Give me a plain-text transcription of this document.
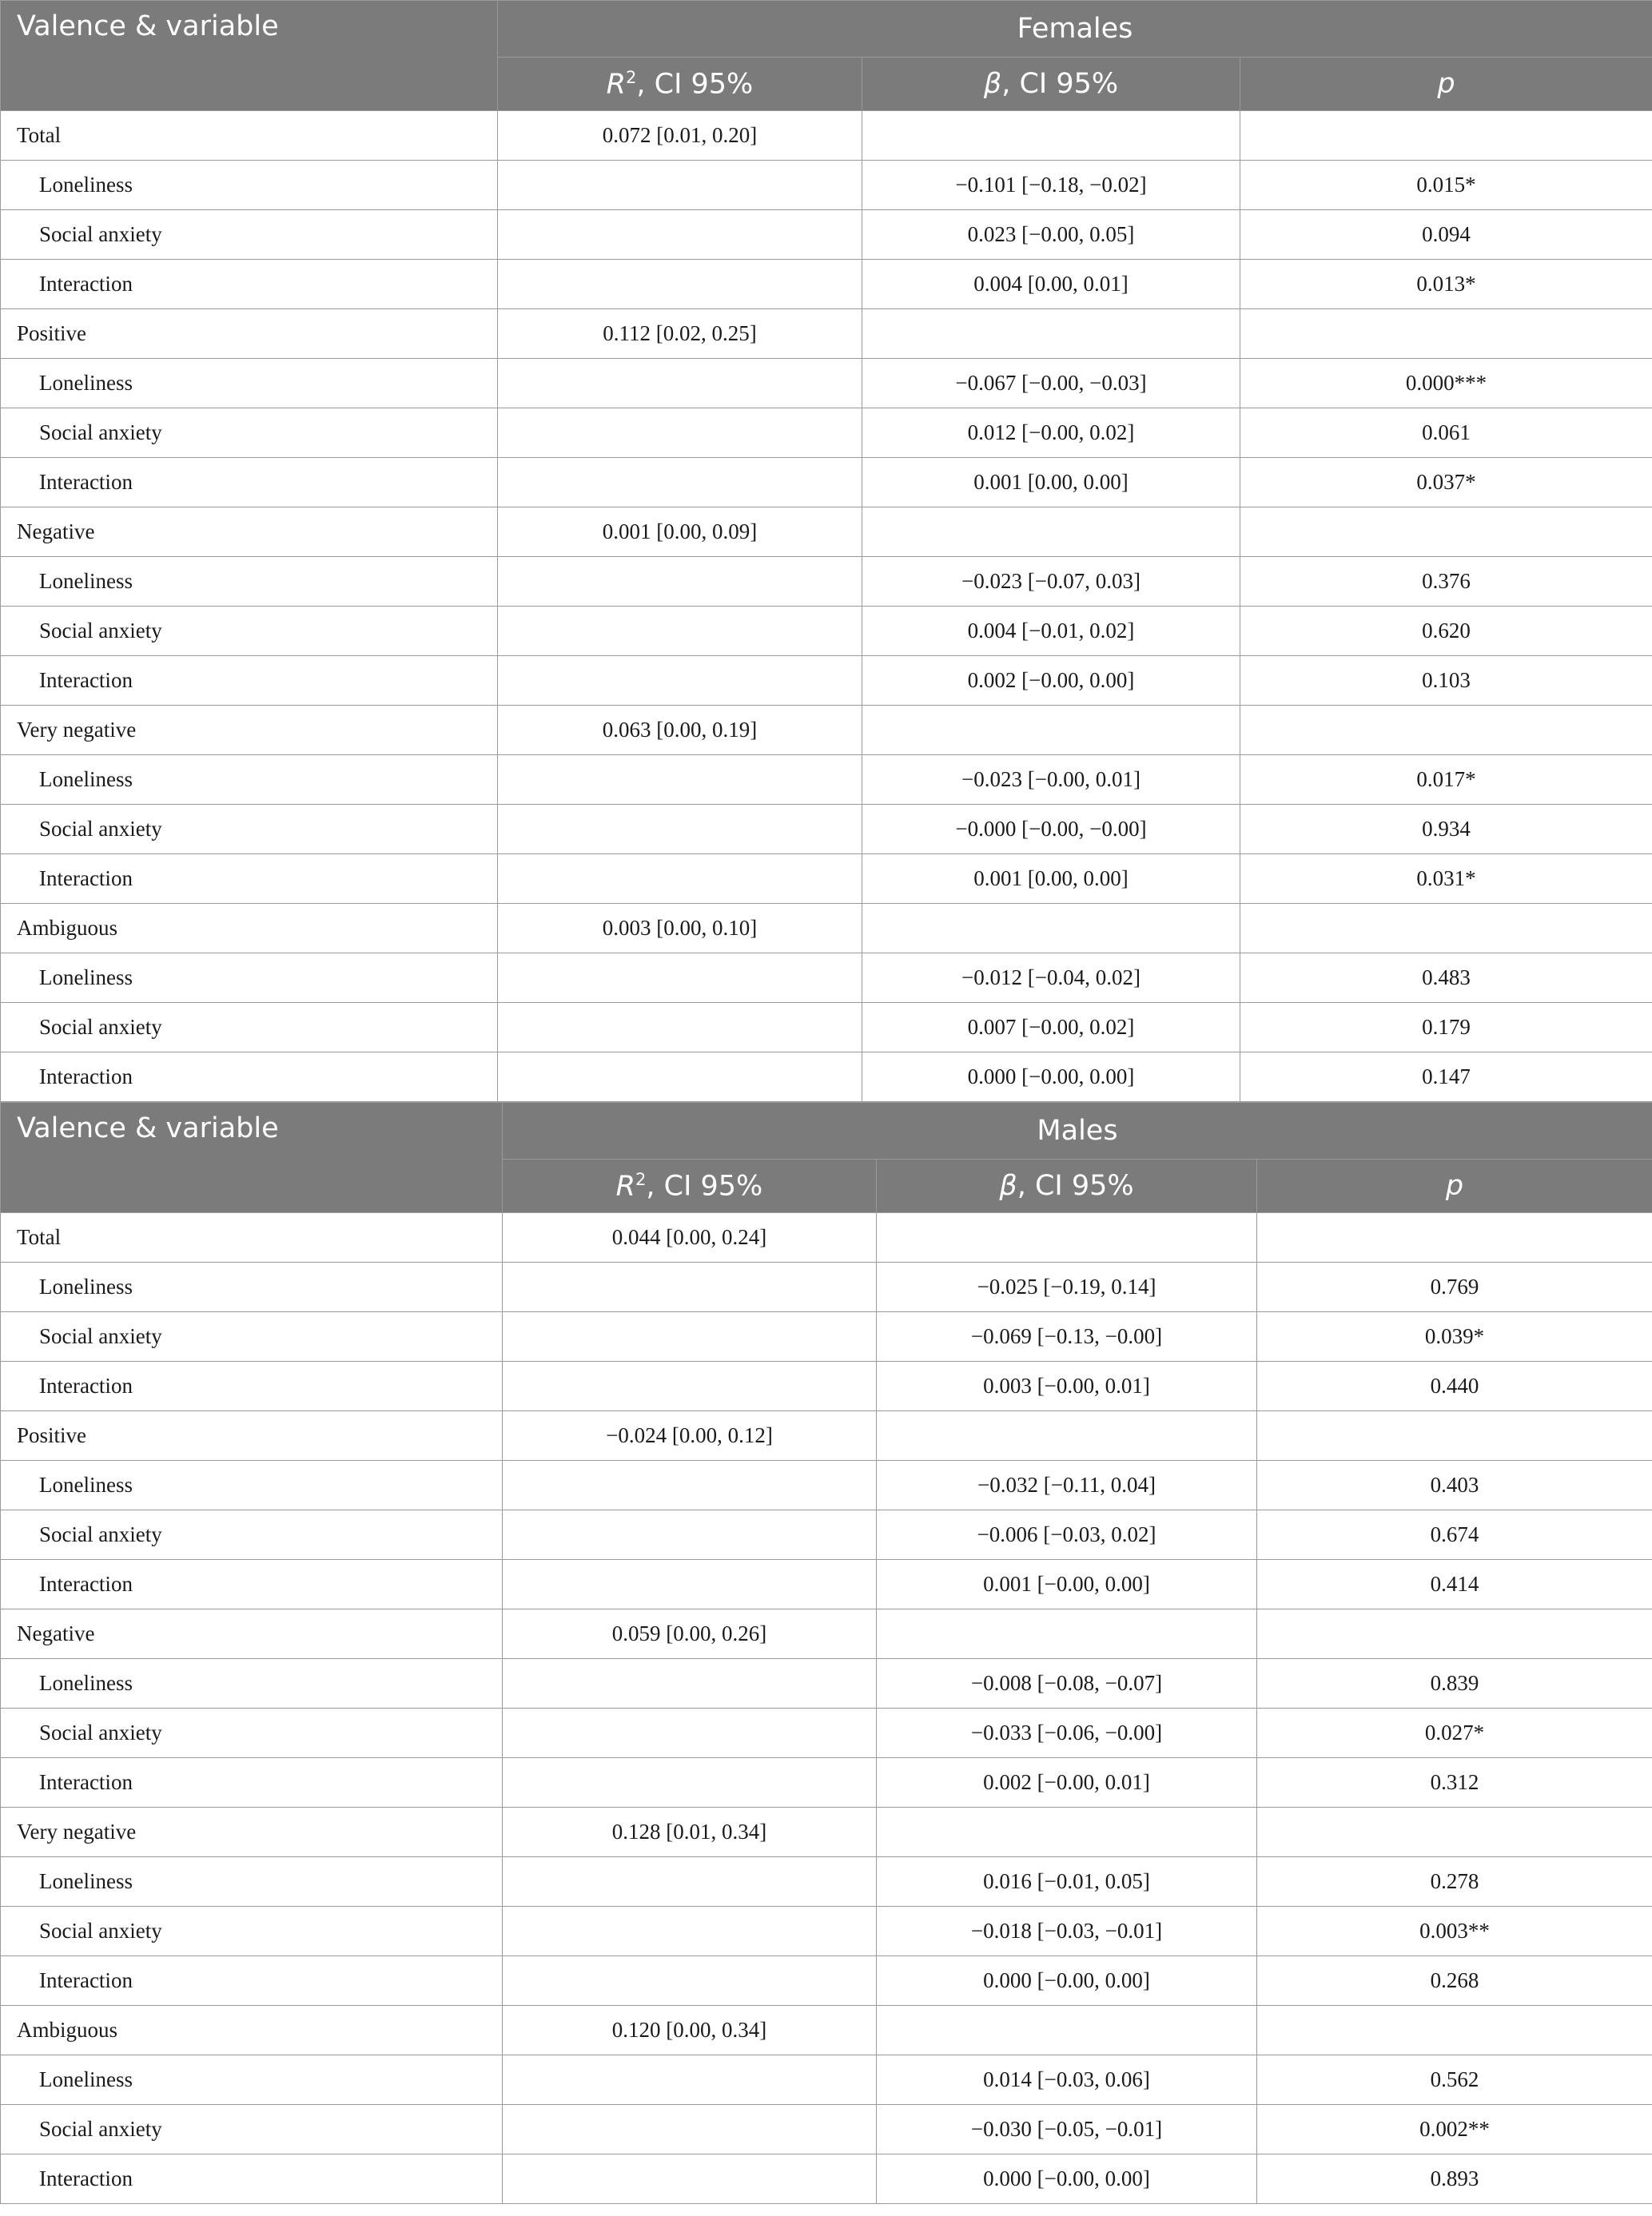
Valence & variable	Females		
	$R^2$, CI 95%	β, CI 95%	p
Total	0.072 [0.01, 0.20]		
Loneliness		−0.101 [−0.18, −0.02]	0.015*
Social anxiety		0.023 [−0.00, 0.05]	0.094
Interaction		0.004 [0.00, 0.01]	0.013*
Positive	0.112 [0.02, 0.25]		
Loneliness		−0.067 [−0.00, −0.03]	0.000***
Social anxiety		0.012 [−0.00, 0.02]	0.061
Interaction		0.001 [0.00, 0.00]	0.037*
Negative	0.001 [0.00, 0.09]		
Loneliness		−0.023 [−0.07, 0.03]	0.376
Social anxiety		0.004 [−0.01, 0.02]	0.620
Interaction		0.002 [−0.00, 0.00]	0.103
Very negative	0.063 [0.00, 0.19]		
Loneliness		−0.023 [−0.00, 0.01]	0.017*
Social anxiety		−0.000 [−0.00, −0.00]	0.934
Interaction		0.001 [0.00, 0.00]	0.031*
Ambiguous	0.003 [0.00, 0.10]		
Loneliness		−0.012 [−0.04, 0.02]	0.483
Social anxiety		0.007 [−0.00, 0.02]	0.179
Interaction		0.000 [−0.00, 0.00]	0.147
Valence & variable	Males		
	$R^2$, CI 95%	β, CI 95%	p
Total	0.044 [0.00, 0.24]		
Loneliness		−0.025 [−0.19, 0.14]	0.769
Social anxiety		−0.069 [−0.13, −0.00]	0.039*
Interaction		0.003 [−0.00, 0.01]	0.440
Positive	−0.024 [0.00, 0.12]		
Loneliness		−0.032 [−0.11, 0.04]	0.403
Social anxiety		−0.006 [−0.03, 0.02]	0.674
Interaction		0.001 [−0.00, 0.00]	0.414
Negative	0.059 [0.00, 0.26]		
Loneliness		−0.008 [−0.08, −0.07]	0.839
Social anxiety		−0.033 [−0.06, −0.00]	0.027*
Interaction		0.002 [−0.00, 0.01]	0.312
Very negative	0.128 [0.01, 0.34]		
Loneliness		0.016 [−0.01, 0.05]	0.278
Social anxiety		−0.018 [−0.03, −0.01]	0.003**
Interaction		0.000 [−0.00, 0.00]	0.268
Ambiguous	0.120 [0.00, 0.34]		
Loneliness		0.014 [−0.03, 0.06]	0.562
Social anxiety		−0.030 [−0.05, −0.01]	0.002**
Interaction		0.000 [−0.00, 0.00]	0.893
